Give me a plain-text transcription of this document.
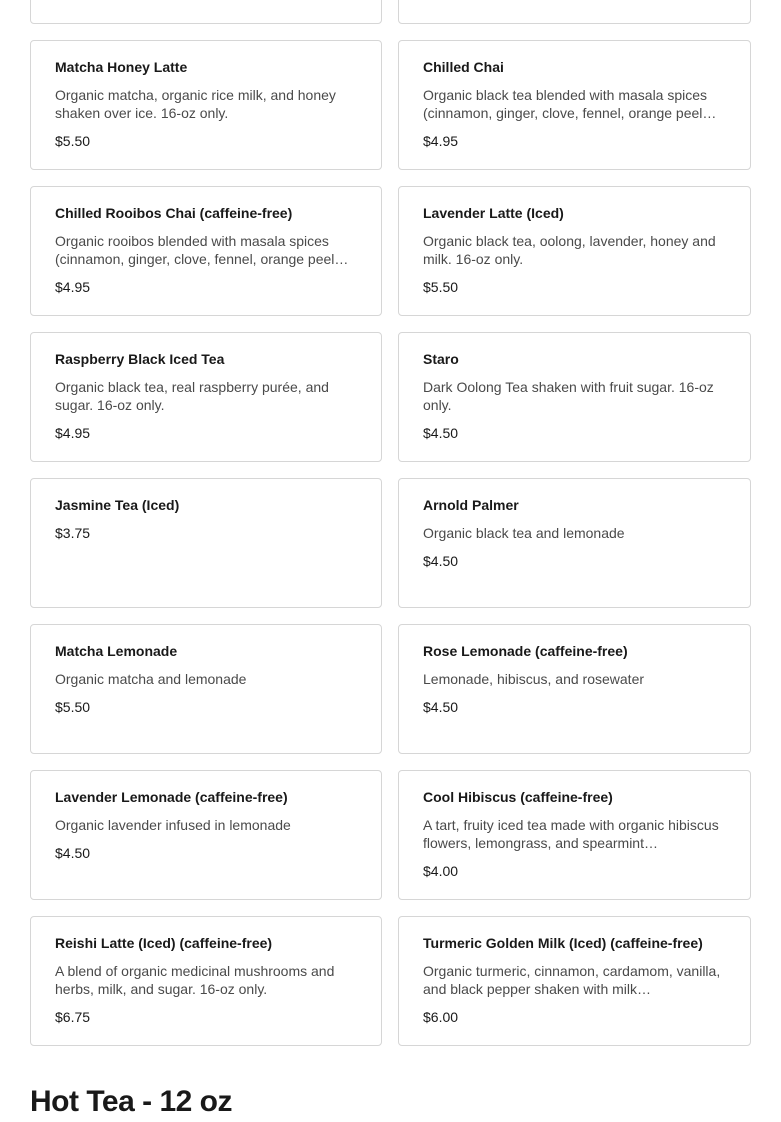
Matcha Honey Latte
Organic matcha, organic rice milk, and honey shaken over ice. 16-oz only.
$5.50
Chilled Chai
Organic black tea blended with masala spices (cinnamon, ginger, clove, fennel, orange peel…
$4.95
Chilled Rooibos Chai (caffeine-free)
Organic rooibos blended with masala spices (cinnamon, ginger, clove, fennel, orange peel…
$4.95
Lavender Latte (Iced)
Organic black tea, oolong, lavender, honey and milk. 16-oz only.
$5.50
Raspberry Black Iced Tea
Organic black tea, real raspberry purée, and sugar. 16-oz only.
$4.95
Staro
Dark Oolong Tea shaken with fruit sugar. 16-oz only.
$4.50
Jasmine Tea (Iced)
$3.75
Arnold Palmer
Organic black tea and lemonade
$4.50
Matcha Lemonade
Organic matcha and lemonade
$5.50
Rose Lemonade (caffeine-free)
Lemonade, hibiscus, and rosewater
$4.50
Lavender Lemonade (caffeine-free)
Organic lavender infused in lemonade
$4.50
Cool Hibiscus (caffeine-free)
A tart, fruity iced tea made with organic hibiscus flowers, lemongrass, and spearmint…
$4.00
Reishi Latte (Iced) (caffeine-free)
A blend of organic medicinal mushrooms and herbs, milk, and sugar. 16-oz only.
$6.75
Turmeric Golden Milk (Iced) (caffeine-free)
Organic turmeric, cinnamon, cardamom, vanilla, and black pepper shaken with milk…
$6.00
Hot Tea - 12 oz
